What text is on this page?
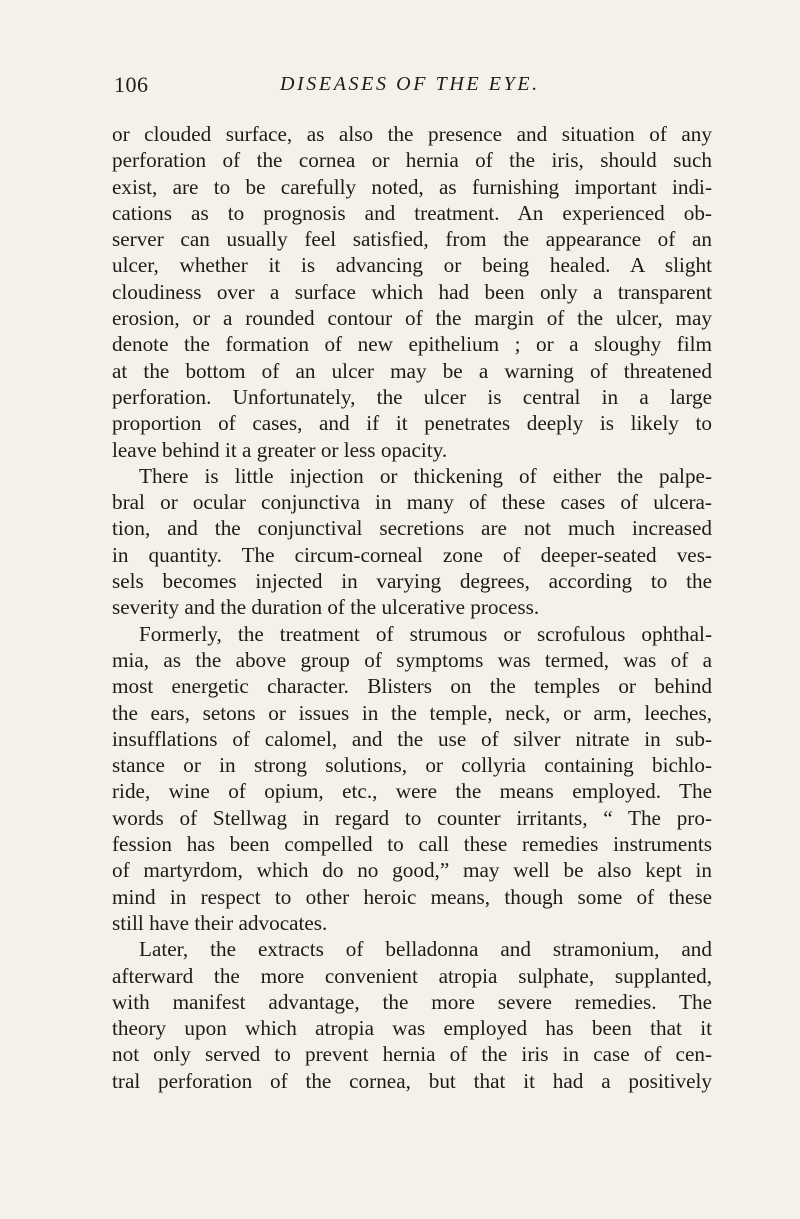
106	DISEASES OF THE EYE.

or clouded surface, as also the presence and situation of any

perforation of the cornea or hernia of the iris, should such

exist, are to be carefully noted, as furnishing important indi-

cations as to prognosis and treatment. An experienced ob-

server can usually feel satisfied, from the appearance of an

ulcer, whether it is advancing or being healed. A slight

cloudiness over a surface which had been only a transparent

erosion, or a rounded contour of the margin of the ulcer, may

denote the formation of new epithelium ; or a sloughy film

at the bottom of an ulcer may be a warning of threatened

perforation. Unfortunately, the ulcer is central in a large

proportion of cases, and if it penetrates deeply is likely to

leave behind it a greater or less opacity.

There is little injection or thickening of either the palpe-

bral or ocular conjunctiva in many of these cases of ulcera-

tion, and the conjunctival secretions are not much increased

in quantity. The circum-corneal zone of deeper-seated ves-

sels becomes injected in varying degrees, according to the

severity and the duration of the ulcerative process.

Formerly, the treatment of strumous or scrofulous ophthal-

mia, as the above group of symptoms was termed, was of a

most energetic character. Blisters on the temples or behind

the ears, setons or issues in the temple, neck, or arm, leeches,

insufflations of calomel, and the use of silver nitrate in sub-

stance or in strong solutions, or collyria containing bichlo-

ride, wine of opium, etc., were the means employed. The

words of Stellwag in regard to counter irritants, “ The pro-

fession has been compelled to call these remedies instruments

of martyrdom, which do no good,” may well be also kept in

mind in respect to other heroic means, though some of these

still have their advocates.

Later, the extracts of belladonna and stramonium, and

afterward the more convenient atropia sulphate, supplanted,

with manifest advantage, the more severe remedies. The

theory upon which atropia was employed has been that it

not only served to prevent hernia of the iris in case of cen-

tral perforation of the cornea, but that it had a positively
